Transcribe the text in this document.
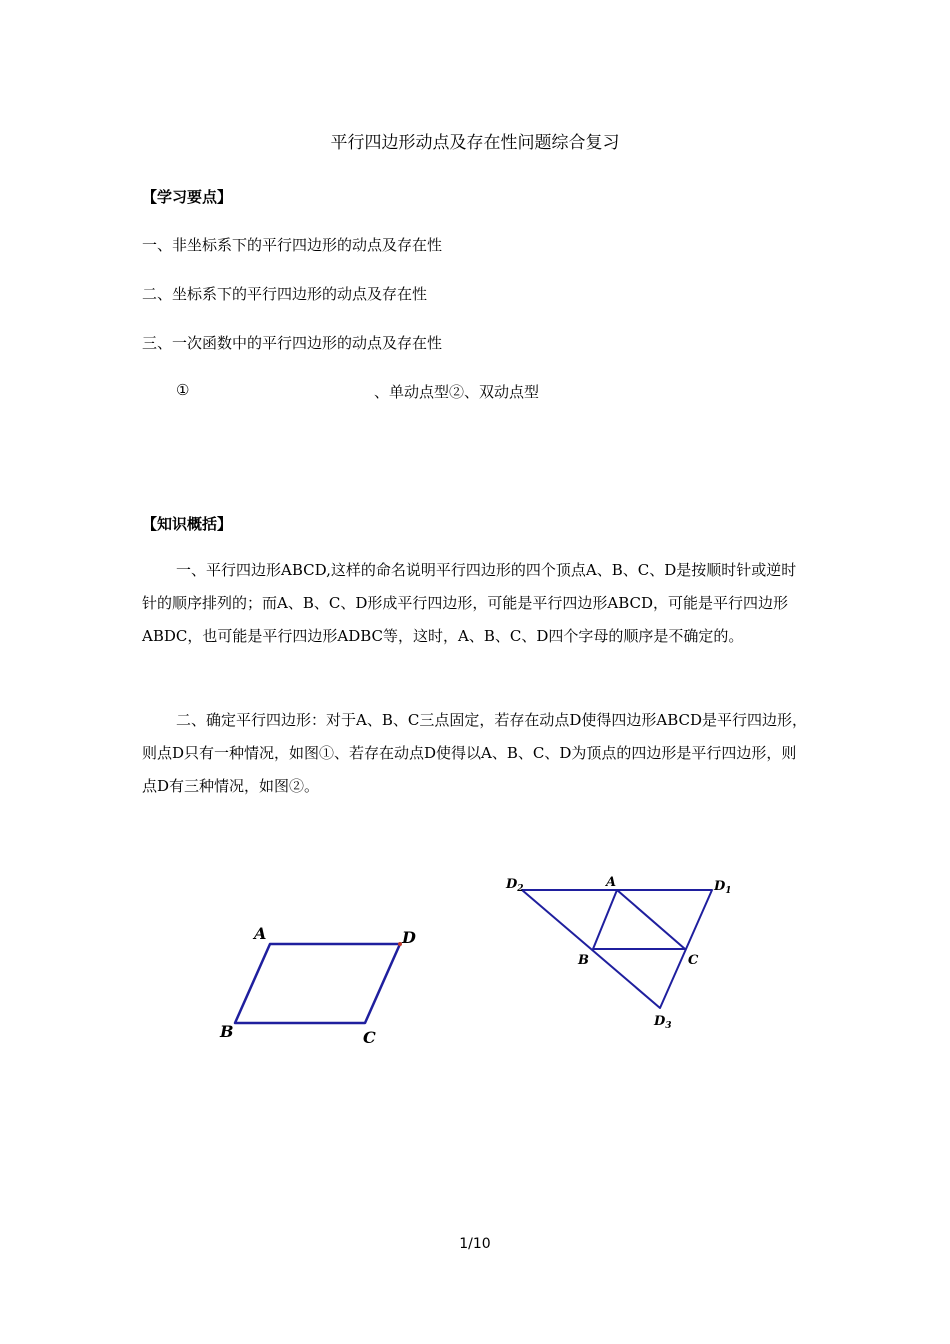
平行四边形动点及存在性问题综合复习
【学习要点】
一、非坐标系下的平行四边形的动点及存在性
二、坐标系下的平行四边形的动点及存在性
三、一次函数中的平行四边形的动点及存在性
①	、单动点型②、双动点型
【知识概括】
一、平行四边形ABCD,这样的命名说明平行四边形的四个顶点A、B、C、D是按顺时针或逆时针的顺序排列的；而A、B、C、D形成平行四边形，可能是平行四边形ABCD，可能是平行四边形ABDC，也可能是平行四边形ADBC等，这时，A、B、C、D四个字母的顺序是不确定的。
二、确定平行四边形：对于A、B、C三点固定，若存在动点D使得四边形ABCD是平行四边形，则点D只有一种情况，如图①、若存在动点D使得以A、B、C、D为顶点的四边形是平行四边形，则点D有三种情况，如图②。
A	D
B	C
$D_2$	A	$D_1$
B	C
$D_3$
1/10
